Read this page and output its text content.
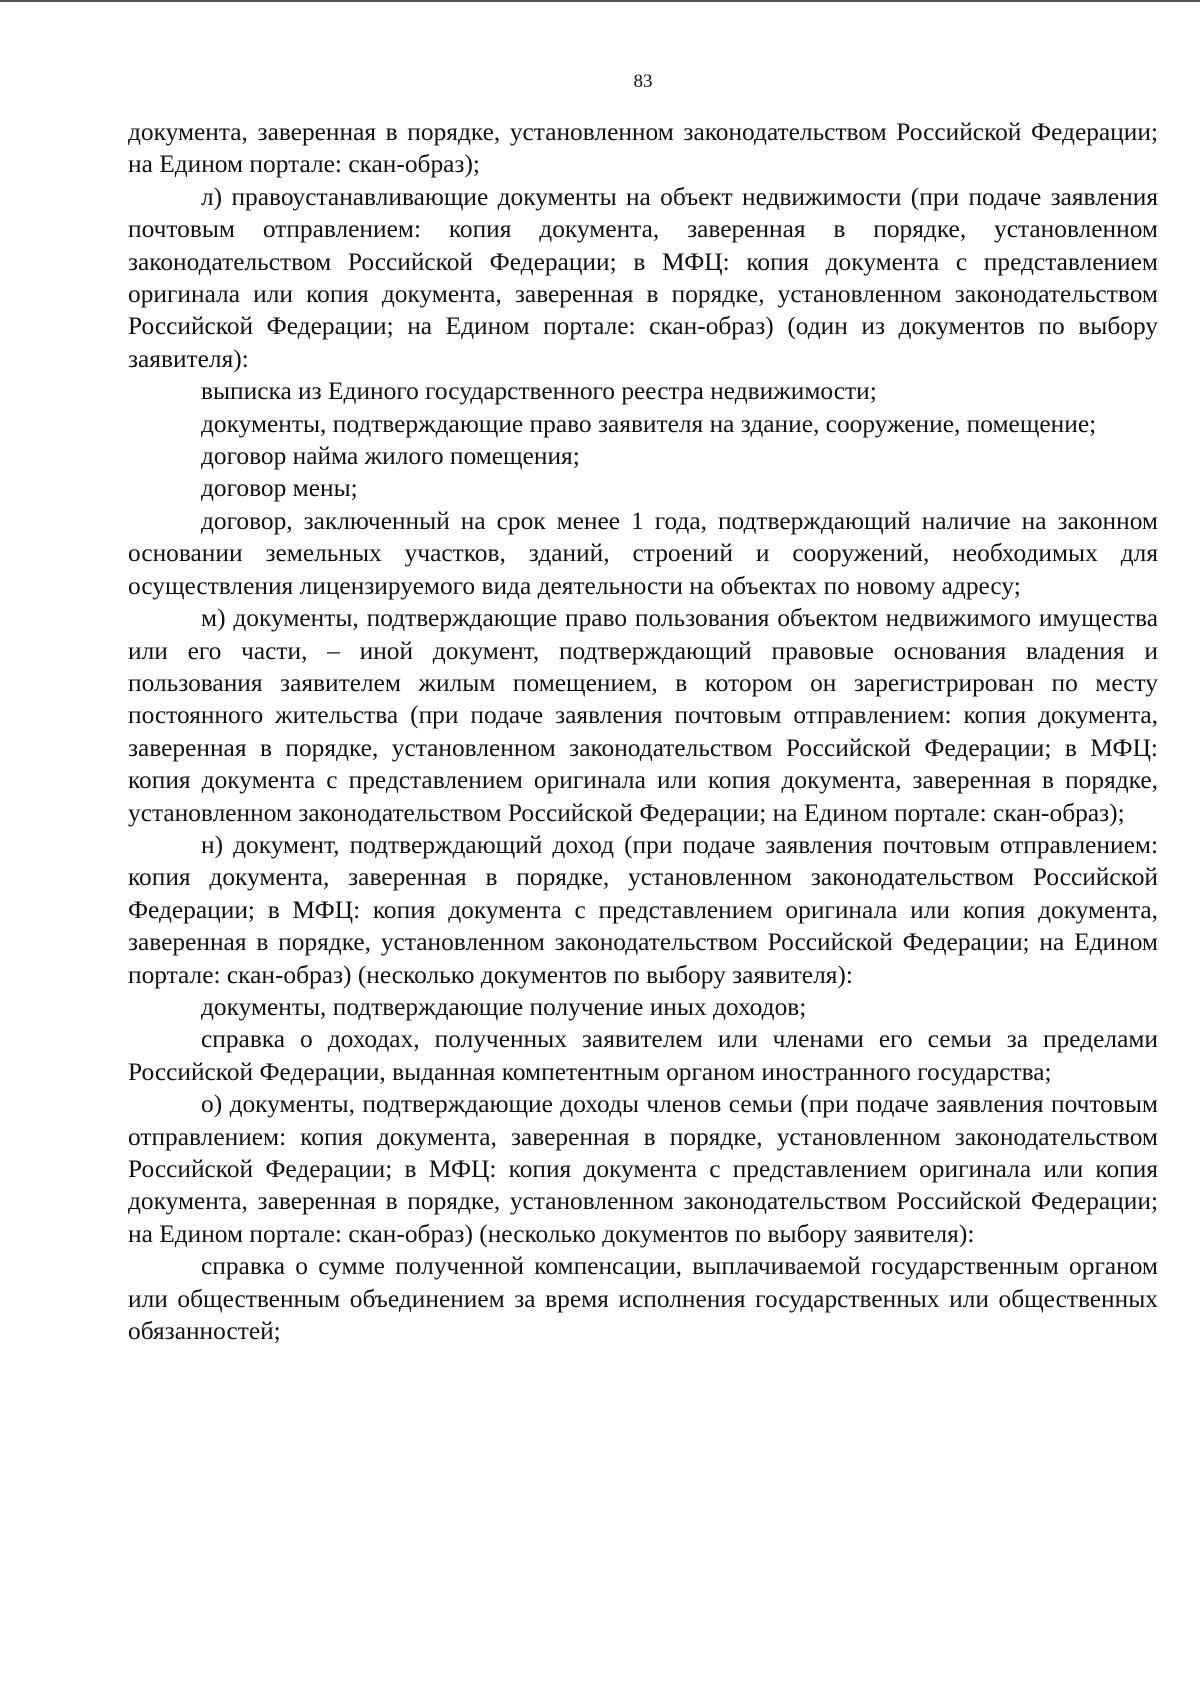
83

документа, заверенная в порядке, установленном законодательством Российской Федерации; на Едином портале: скан-образ);

л) правоустанавливающие документы на объект недвижимости (при подаче заявления почтовым отправлением: копия документа, заверенная в порядке, установленном законодательством Российской Федерации; в МФЦ: копия документа с представлением оригинала или копия документа, заверенная в порядке, установленном законодательством Российской Федерации; на Едином портале: скан-образ) (один из документов по выбору заявителя):

выписка из Единого государственного реестра недвижимости;

документы, подтверждающие право заявителя на здание, сооружение, помещение;

договор найма жилого помещения;

договор мены;

договор, заключенный на срок менее 1 года, подтверждающий наличие на законном основании земельных участков, зданий, строений и сооружений, необходимых для осуществления лицензируемого вида деятельности на объектах по новому адресу;

м) документы, подтверждающие право пользования объектом недвижимого имущества или его части, – иной документ, подтверждающий правовые основания владения и пользования заявителем жилым помещением, в котором он зарегистрирован по месту постоянного жительства (при подаче заявления почтовым отправлением: копия документа, заверенная в порядке, установленном законодательством Российской Федерации; в МФЦ: копия документа с представлением оригинала или копия документа, заверенная в порядке, установленном законодательством Российской Федерации; на Едином портале: скан-образ);

н) документ, подтверждающий доход (при подаче заявления почтовым отправлением: копия документа, заверенная в порядке, установленном законодательством Российской Федерации; в МФЦ: копия документа с представлением оригинала или копия документа, заверенная в порядке, установленном законодательством Российской Федерации; на Едином портале: скан-образ) (несколько документов по выбору заявителя):

документы, подтверждающие получение иных доходов;

справка о доходах, полученных заявителем или членами его семьи за пределами Российской Федерации, выданная компетентным органом иностранного государства;

о) документы, подтверждающие доходы членов семьи (при подаче заявления почтовым отправлением: копия документа, заверенная в порядке, установленном законодательством Российской Федерации; в МФЦ: копия документа с представлением оригинала или копия документа, заверенная в порядке, установленном законодательством Российской Федерации; на Едином портале: скан-образ) (несколько документов по выбору заявителя):

справка о сумме полученной компенсации, выплачиваемой государственным органом или общественным объединением за время исполнения государственных или общественных обязанностей;
